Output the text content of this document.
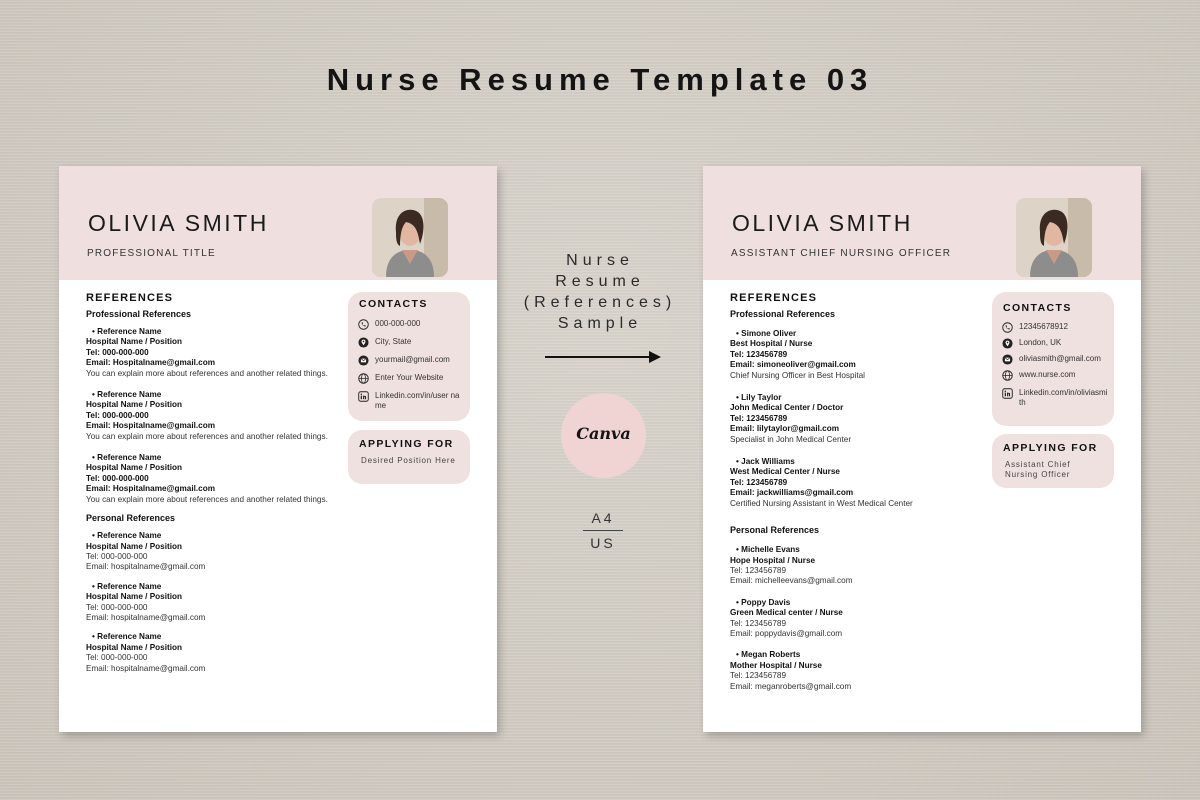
Nurse Resume Template 03
OLIVIA SMITH
PROFESSIONAL TITLE
REFERENCES
Professional References
• Reference Name
Hospital Name / Position
Tel: 000-000-000
Email: Hospitalname@gmail.com
You can explain more about references and another related things.
• Reference Name
Hospital Name / Position
Tel: 000-000-000
Email: Hospitalname@gmail.com
You can explain more about references and another related things.
• Reference Name
Hospital Name / Position
Tel: 000-000-000
Email: Hospitalname@gmail.com
You can explain more about references and another related things.
Personal References
• Reference Name
Hospital Name / Position
Tel: 000-000-000
Email: hospitalname@gmail.com
• Reference Name
Hospital Name / Position
Tel: 000-000-000
Email: hospitalname@gmail.com
• Reference Name
Hospital Name / Position
Tel: 000-000-000
Email: hospitalname@gmail.com
CONTACTS
000-000-000
City, State
yourmail@gmail.com
Enter Your Website
Linkedin.com/in/user name
APPLYING FOR
Desired Position Here
Nurse
Resume
(References)
Sample
Canva
A4
US
OLIVIA SMITH
ASSISTANT CHIEF NURSING OFFICER
REFERENCES
Professional References
• Simone Oliver
Best Hospital / Nurse
Tel: 123456789
Email: simoneoliver@gmail.com
Chief Nursing Officer in Best Hospital
• Lily Taylor
John Medical Center / Doctor
Tel: 123456789
Email: lilytaylor@gmail.com
Specialist in John Medical Center
• Jack Williams
West Medical Center / Nurse
Tel: 123456789
Email: jackwilliams@gmail.com
Certified Nursing Assistant in West Medical Center
Personal References
• Michelle Evans
Hope Hospital / Nurse
Tel: 123456789
Email: michelleevans@gmail.com
• Poppy Davis
Green Medical center / Nurse
Tel: 123456789
Email: poppydavis@gmail.com
• Megan Roberts
Mother Hospital / Nurse
Tel: 123456789
Email: meganroberts@gmail.com
CONTACTS
12345678912
London, UK
oliviasmith@gmail.com
www.nurse.com
Linkedin.com/in/oliviasmith
APPLYING FOR
Assistant Chief Nursing Officer
